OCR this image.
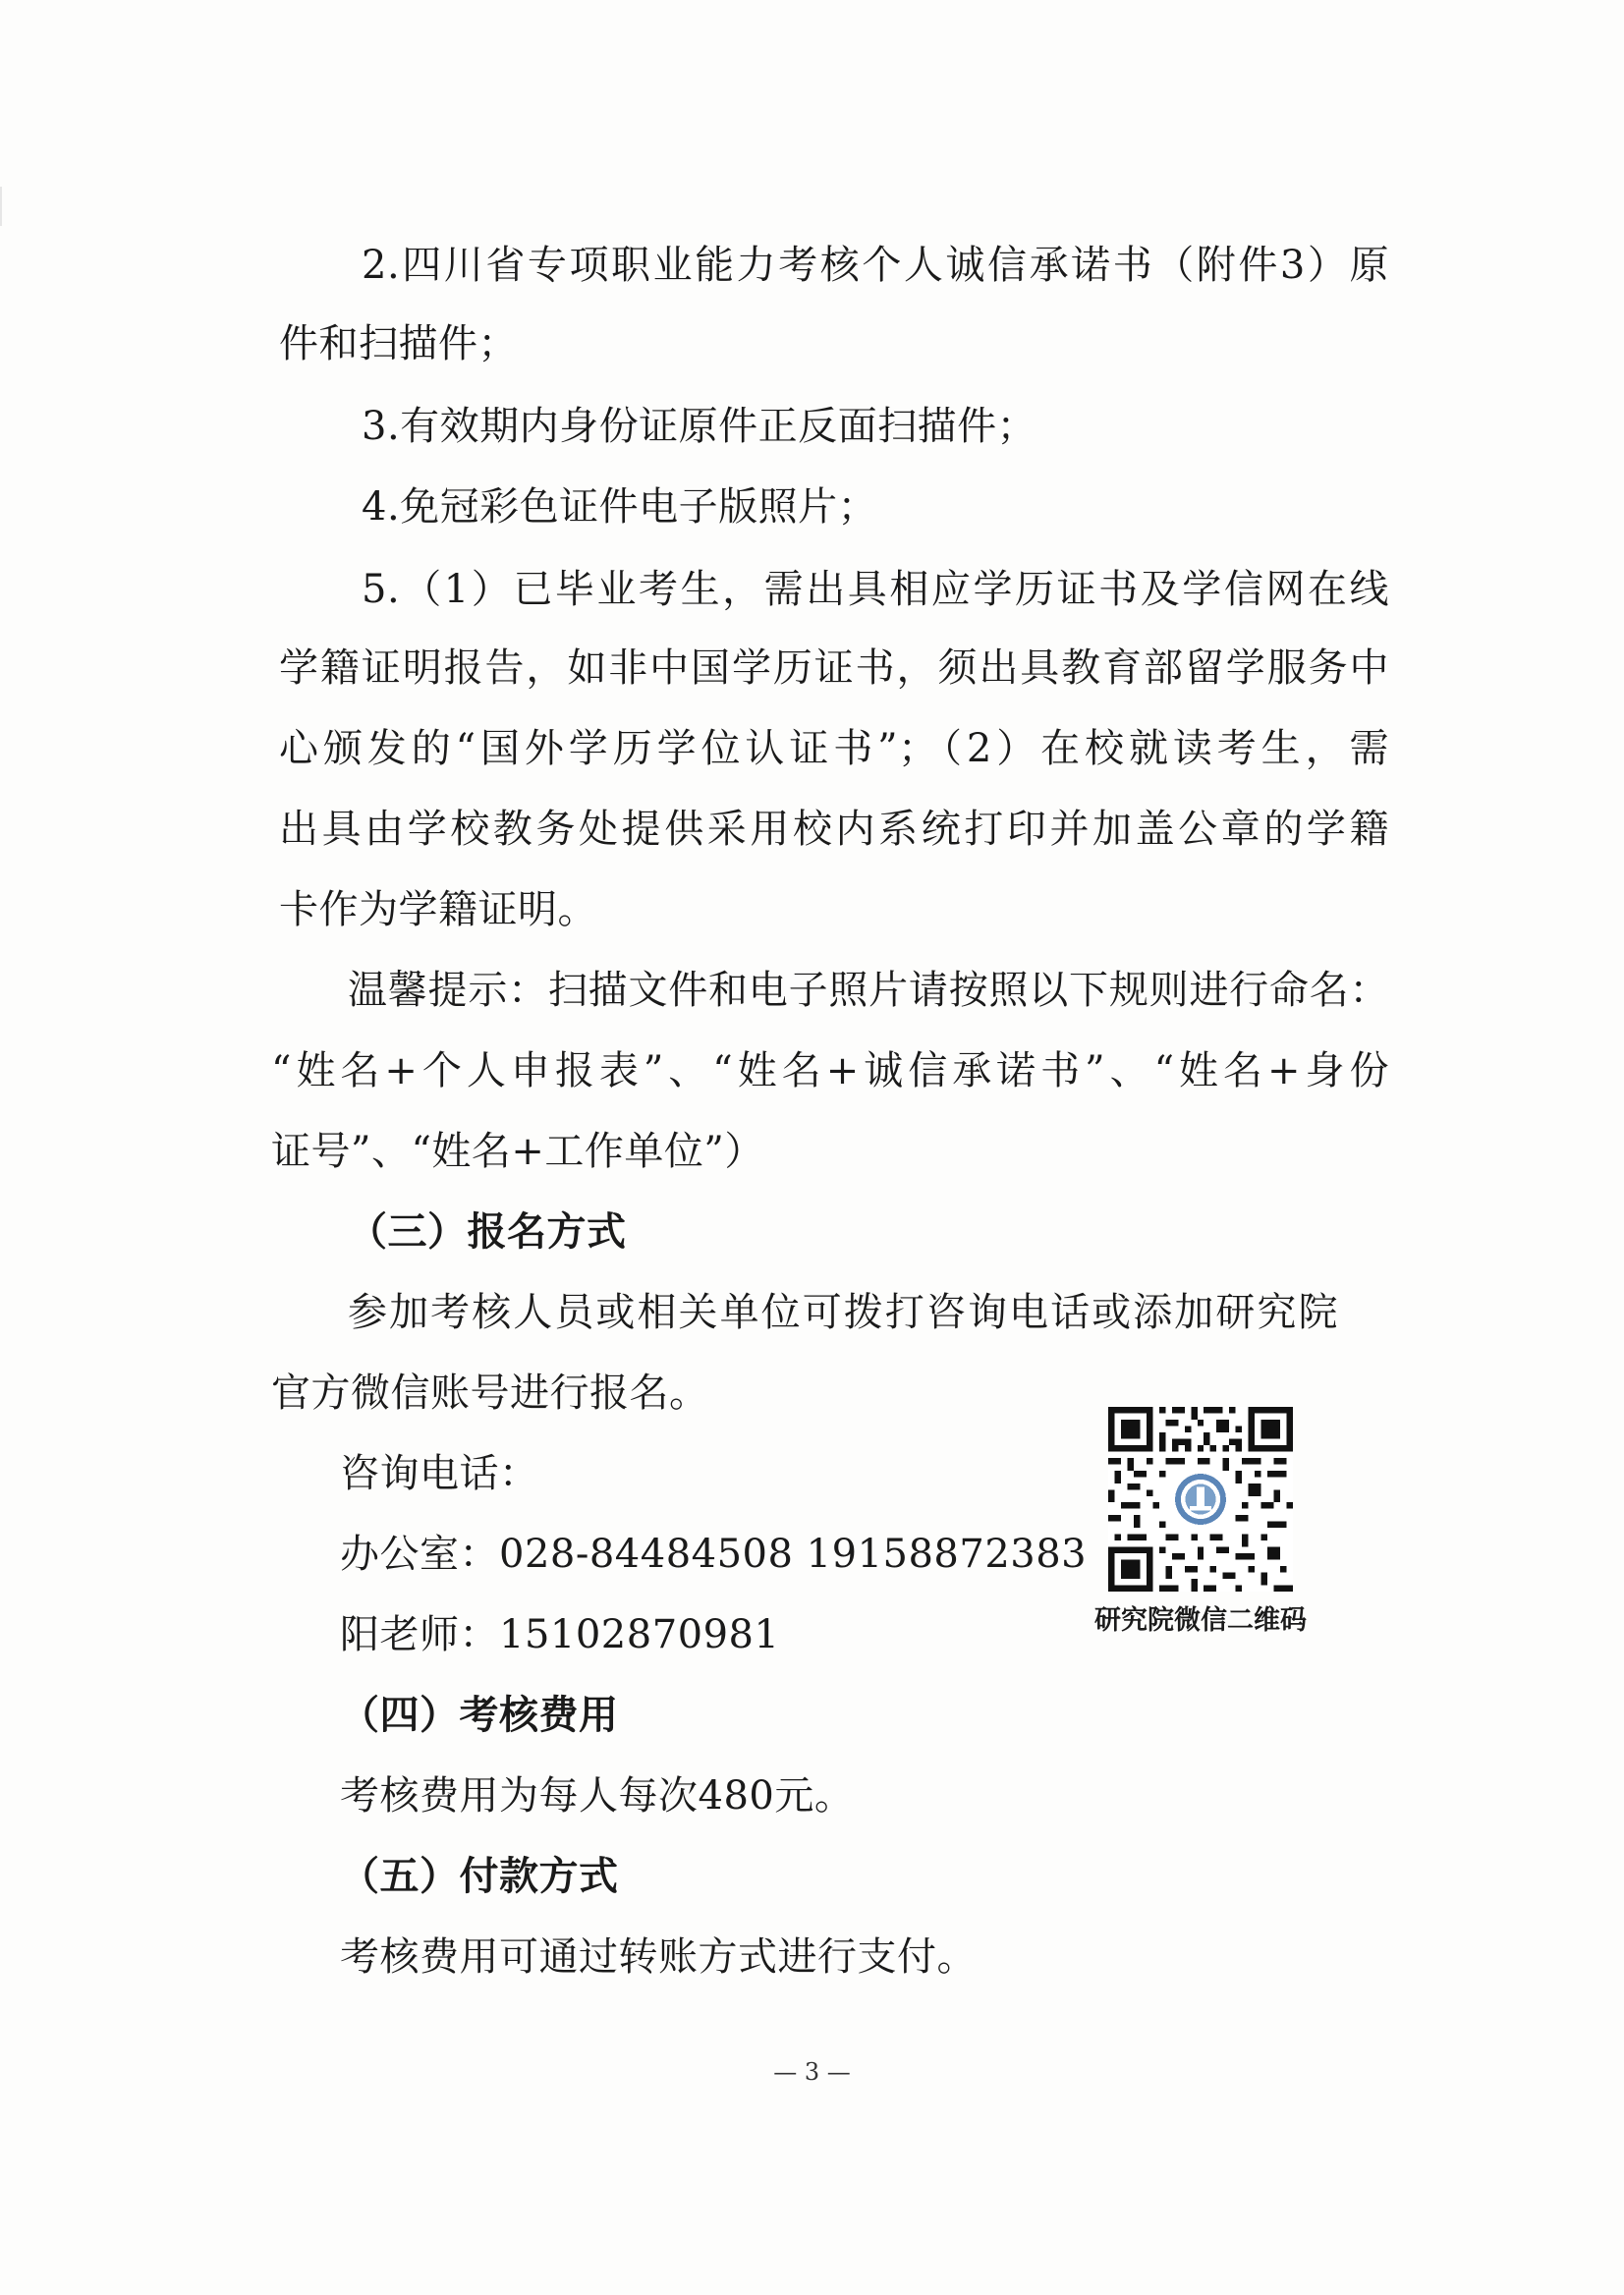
2.四川省专项职业能力考核个人诚信承诺书（附件3）原
件和扫描件；
3.有效期内身份证原件正反面扫描件；
4.免冠彩色证件电子版照片；
5.（1）已毕业考生，需出具相应学历证书及学信网在线
学籍证明报告，如非中国学历证书，须出具教育部留学服务中
心颁发的“国外学历学位认证书”；（2）在校就读考生，需
出具由学校教务处提供采用校内系统打印并加盖公章的学籍
卡作为学籍证明。
温馨提示：扫描文件和电子照片请按照以下规则进行命名：
“姓名+个人申报表”、“姓名+诚信承诺书”、“姓名+身份
证号”、“姓名+工作单位”）
（三）报名方式
参加考核人员或相关单位可拨打咨询电话或添加研究院
官方微信账号进行报名。
咨询电话：
办公室：028-84484508 19158872383
阳老师：15102870981	研究院微信二维码
（四）考核费用
考核费用为每人每次480元。
（五）付款方式
考核费用可通过转账方式进行支付。
— 3 —
